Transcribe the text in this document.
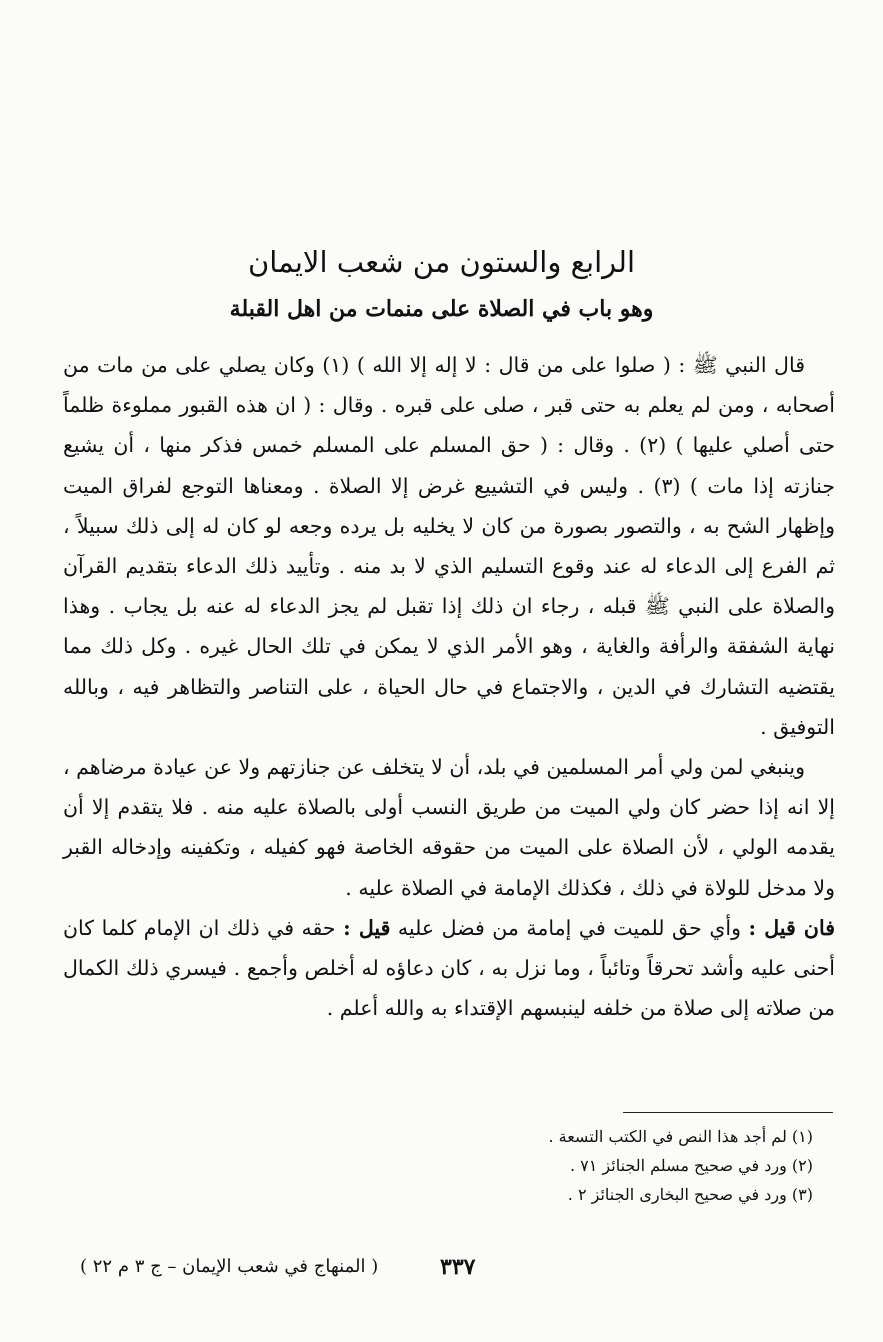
الرابع والستون من شعب الايمان
وهو باب في الصلاة على منمات من اهل القبلة

قال النبي ﷺ : ( صلوا على من قال : لا إله إلا الله ) (١) وكان يصلي على من مات من أصحابه ، ومن لم يعلم به حتى قبر ، صلى على قبره . وقال : ( ان هذه القبور مملوءة ظلماً حتى أصلي عليها ) (٢) . وقال : ( حق المسلم على المسلم خمس فذكر منها ، أن يشيع جنازته إذا مات ) (٣) . وليس في التشييع غرض إلا الصلاة . ومعناها التوجع لفراق الميت وإظهار الشح به ، والتصور بصورة من كان لا يخليه بل يرده وجعه لو كان له إلى ذلك سبيلاً ، ثم الفرع إلى الدعاء له عند وقوع التسليم الذي لا بد منه . وتأييد ذلك الدعاء بتقديم القرآن والصلاة على النبي ﷺ قبله ، رجاء ان ذلك إذا تقبل لم يجز الدعاء له عنه بل يجاب . وهذا نهاية الشفقة والرأفة والغاية ، وهو الأمر الذي لا يمكن في تلك الحال غيره . وكل ذلك مما يقتضيه التشارك في الدين ، والاجتماع في حال الحياة ، على التناصر والتظاهر فيه ، وبالله التوفيق .

وينبغي لمن ولي أمر المسلمين في بلد، أن لا يتخلف عن جنازتهم ولا عن عيادة مرضاهم ، إلا انه إذا حضر كان ولي الميت من طريق النسب أولى بالصلاة عليه منه . فلا يتقدم إلا أن يقدمه الولي ، لأن الصلاة على الميت من حقوقه الخاصة فهو كفيله ، وتكفينه وإدخاله القبر ولا مدخل للولاة في ذلك ، فكذلك الإمامة في الصلاة عليه .

فان قيل : وأي حق للميت في إمامة من فضل عليه قيل : حقه في ذلك ان الإمام كلما كان أحنى عليه وأشد تحرقاً وتائباً ، وما نزل به ، كان دعاؤه له أخلص وأجمع . فيسري ذلك الكمال من صلاته إلى صلاة من خلفه لينبسهم الإقتداء به والله أعلم .

(١) لم أجد هذا النص في الكتب التسعة .
(٢) ورد في صحيح مسلم الجنائز ٧١ .
(٣) ورد في صحيح البخارى الجنائز ٢ .
٣٣٧
( المنهاج في شعب الإيمان – ج ٣ م ٢٢ )
